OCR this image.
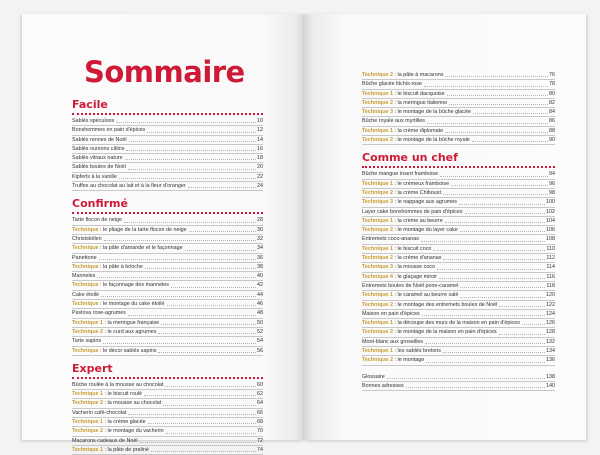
Sommaire
Facile
Sablés spéculoos	10
Bonshommes en pain d'épices	12
Sablés rennes de Noël	14
Sablés oursons câlins	16
Sablés vitraux nature	18
Sablés boules de Noël	20
Kipferls à la vanille	22
Truffes au chocolat au lait et à la fleur d'oranger	24
Confirmé
Tarte flocon de neige	28
Technique : le pliage de la tarte flocon de neige	30
Christstollen	32
Technique : la pâte d'amande et le façonnage	34
Panettone	36
Technique : la pâte à brioche	38
Manneles	40
Technique : le façonnage des manneles	42
Cake étoilé	44
Technique : le montage du cake étoilé	46
Pavlova rose-agrumes	48
Technique 1 : la meringue française	50
Technique 2 : le curd aux agrumes	52
Tarte sapins	54
Technique : le décor sablés sapins	56
Expert
Bûche roulée à la mousse au chocolat	60
Technique 1 : le biscuit roulé	62
Technique 2 : la mousse au chocolat	64
Vacherin café-chocolat	66
Technique 1 : la crème glacée	68
Technique 2 : le montage du vacherin	70
Macarons cadeaux de Noël	72
Technique 1 : la pâte de praliné	74
Technique 2 : la pâte à macarons	76
Bûche glacée litchis-rose	78
Technique 1 : le biscuit dacquoise	80
Technique 2 : la meringue italienne	82
Technique 3 : le montage de la bûche glacée	84
Bûche royale aux myrtilles	86
Technique 1 : la crème diplomate	88
Technique 2 : le montage de la bûche royale	90
Comme un chef
Bûche mangue insert framboise	94
Technique 1 : le crémeux framboise	96
Technique 2 : la crème Chiboust	98
Technique 3 : le nappage aux agrumes	100
Layer cake bonshommes de pain d'épices	102
Technique 1 : la crème au beurre	104
Technique 2 : le montage du layer cake	106
Entremets coco-ananas	108
Technique 1 : le biscuit coco	110
Technique 2 : la crème d'ananas	112
Technique 3 : la mousse coco	114
Technique 4 : le glaçage miroir	116
Entremets boules de Noël poire-caramel	118
Technique 1 : le caramel au beurre salé	120
Technique 2 : le montage des entremets boules de Noël	122
Maison en pain d'épices	124
Technique 1 : la découpe des murs de la maison en pain d'épices	126
Technique 2 : le montage de la maison en pain d'épices	128
Mont-blanc aux groseilles	132
Technique 1 : les sablés bretons	134
Technique 2 : le montage	136
Glossaire	138
Bonnes adresses	140
